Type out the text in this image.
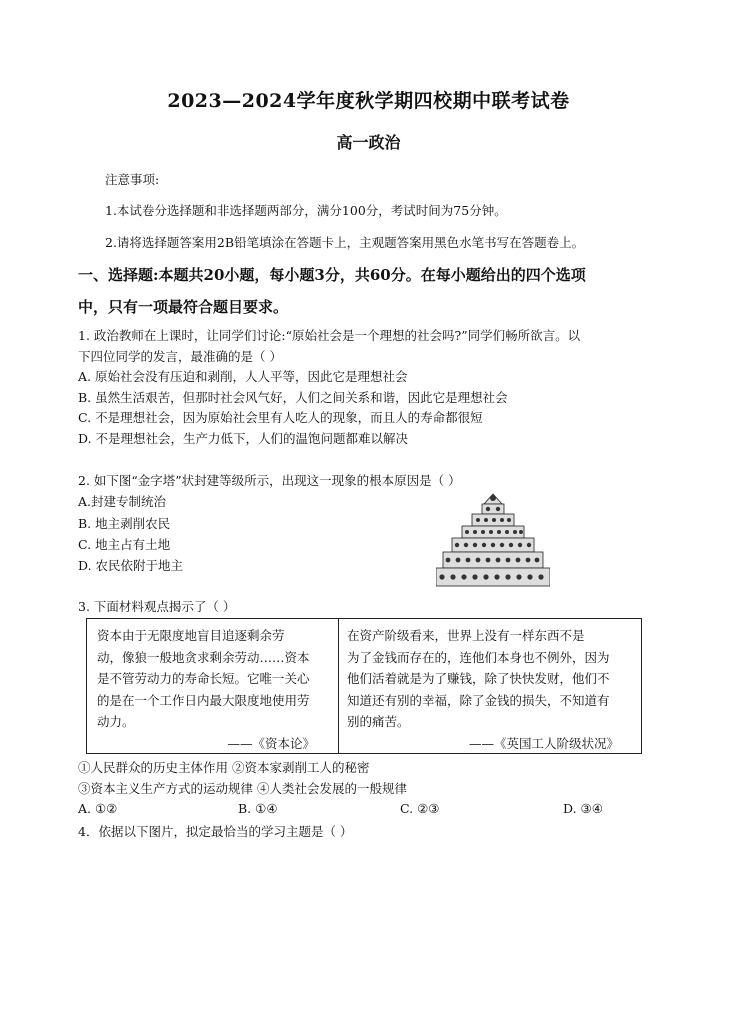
2023—2024学年度秋学期四校期中联考试卷
高一政治
注意事项:
1.本试卷分选择题和非选择题两部分，满分100分，考试时间为75分钟。
2.请将选择题答案用2B铅笔填涂在答题卡上，主观题答案用黑色水笔书写在答题卷上。
一、选择题:本题共20小题，每小题3分，共60分。在每小题给出的四个选项
中，只有一项最符合题目要求。
1. 政治教师在上课时，让同学们讨论:“原始社会是一个理想的社会吗?”同学们畅所欲言。以
下四位同学的发言，最准确的是（ ）
A. 原始社会没有压迫和剥削，人人平等，因此它是理想社会
B. 虽然生活艰苦，但那时社会风气好，人们之间关系和谐，因此它是理想社会
C. 不是理想社会，因为原始社会里有人吃人的现象，而且人的寿命都很短
D. 不是理想社会，生产力低下，人们的温饱问题都难以解决
2. 如下图“金字塔”状封建等级所示，出现这一现象的根本原因是（ ）
A.封建专制统治
B. 地主剥削农民
C. 地主占有土地
D. 农民依附于地主
3. 下面材料观点揭示了（ ）
资本由于无限度地盲目追逐剩余劳
动，像狼一般地贪求剩余劳动……资本
是不管劳动力的寿命长短。它唯一关心
的是在一个工作日内最大限度地使用劳
动力。
——《资本论》
在资产阶级看来，世界上没有一样东西不是
为了金钱而存在的，连他们本身也不例外，因为
他们活着就是为了赚钱，除了快快发财，他们不
知道还有别的幸福，除了金钱的损失，不知道有
别的痛苦。
——《英国工人阶级状况》
①人民群众的历史主体作用 ②资本家剥削工人的秘密
③资本主义生产方式的运动规律 ④人类社会发展的一般规律
A. ①②	B. ①④	C. ②③	D. ③④
4．依据以下图片，拟定最恰当的学习主题是（ ）
